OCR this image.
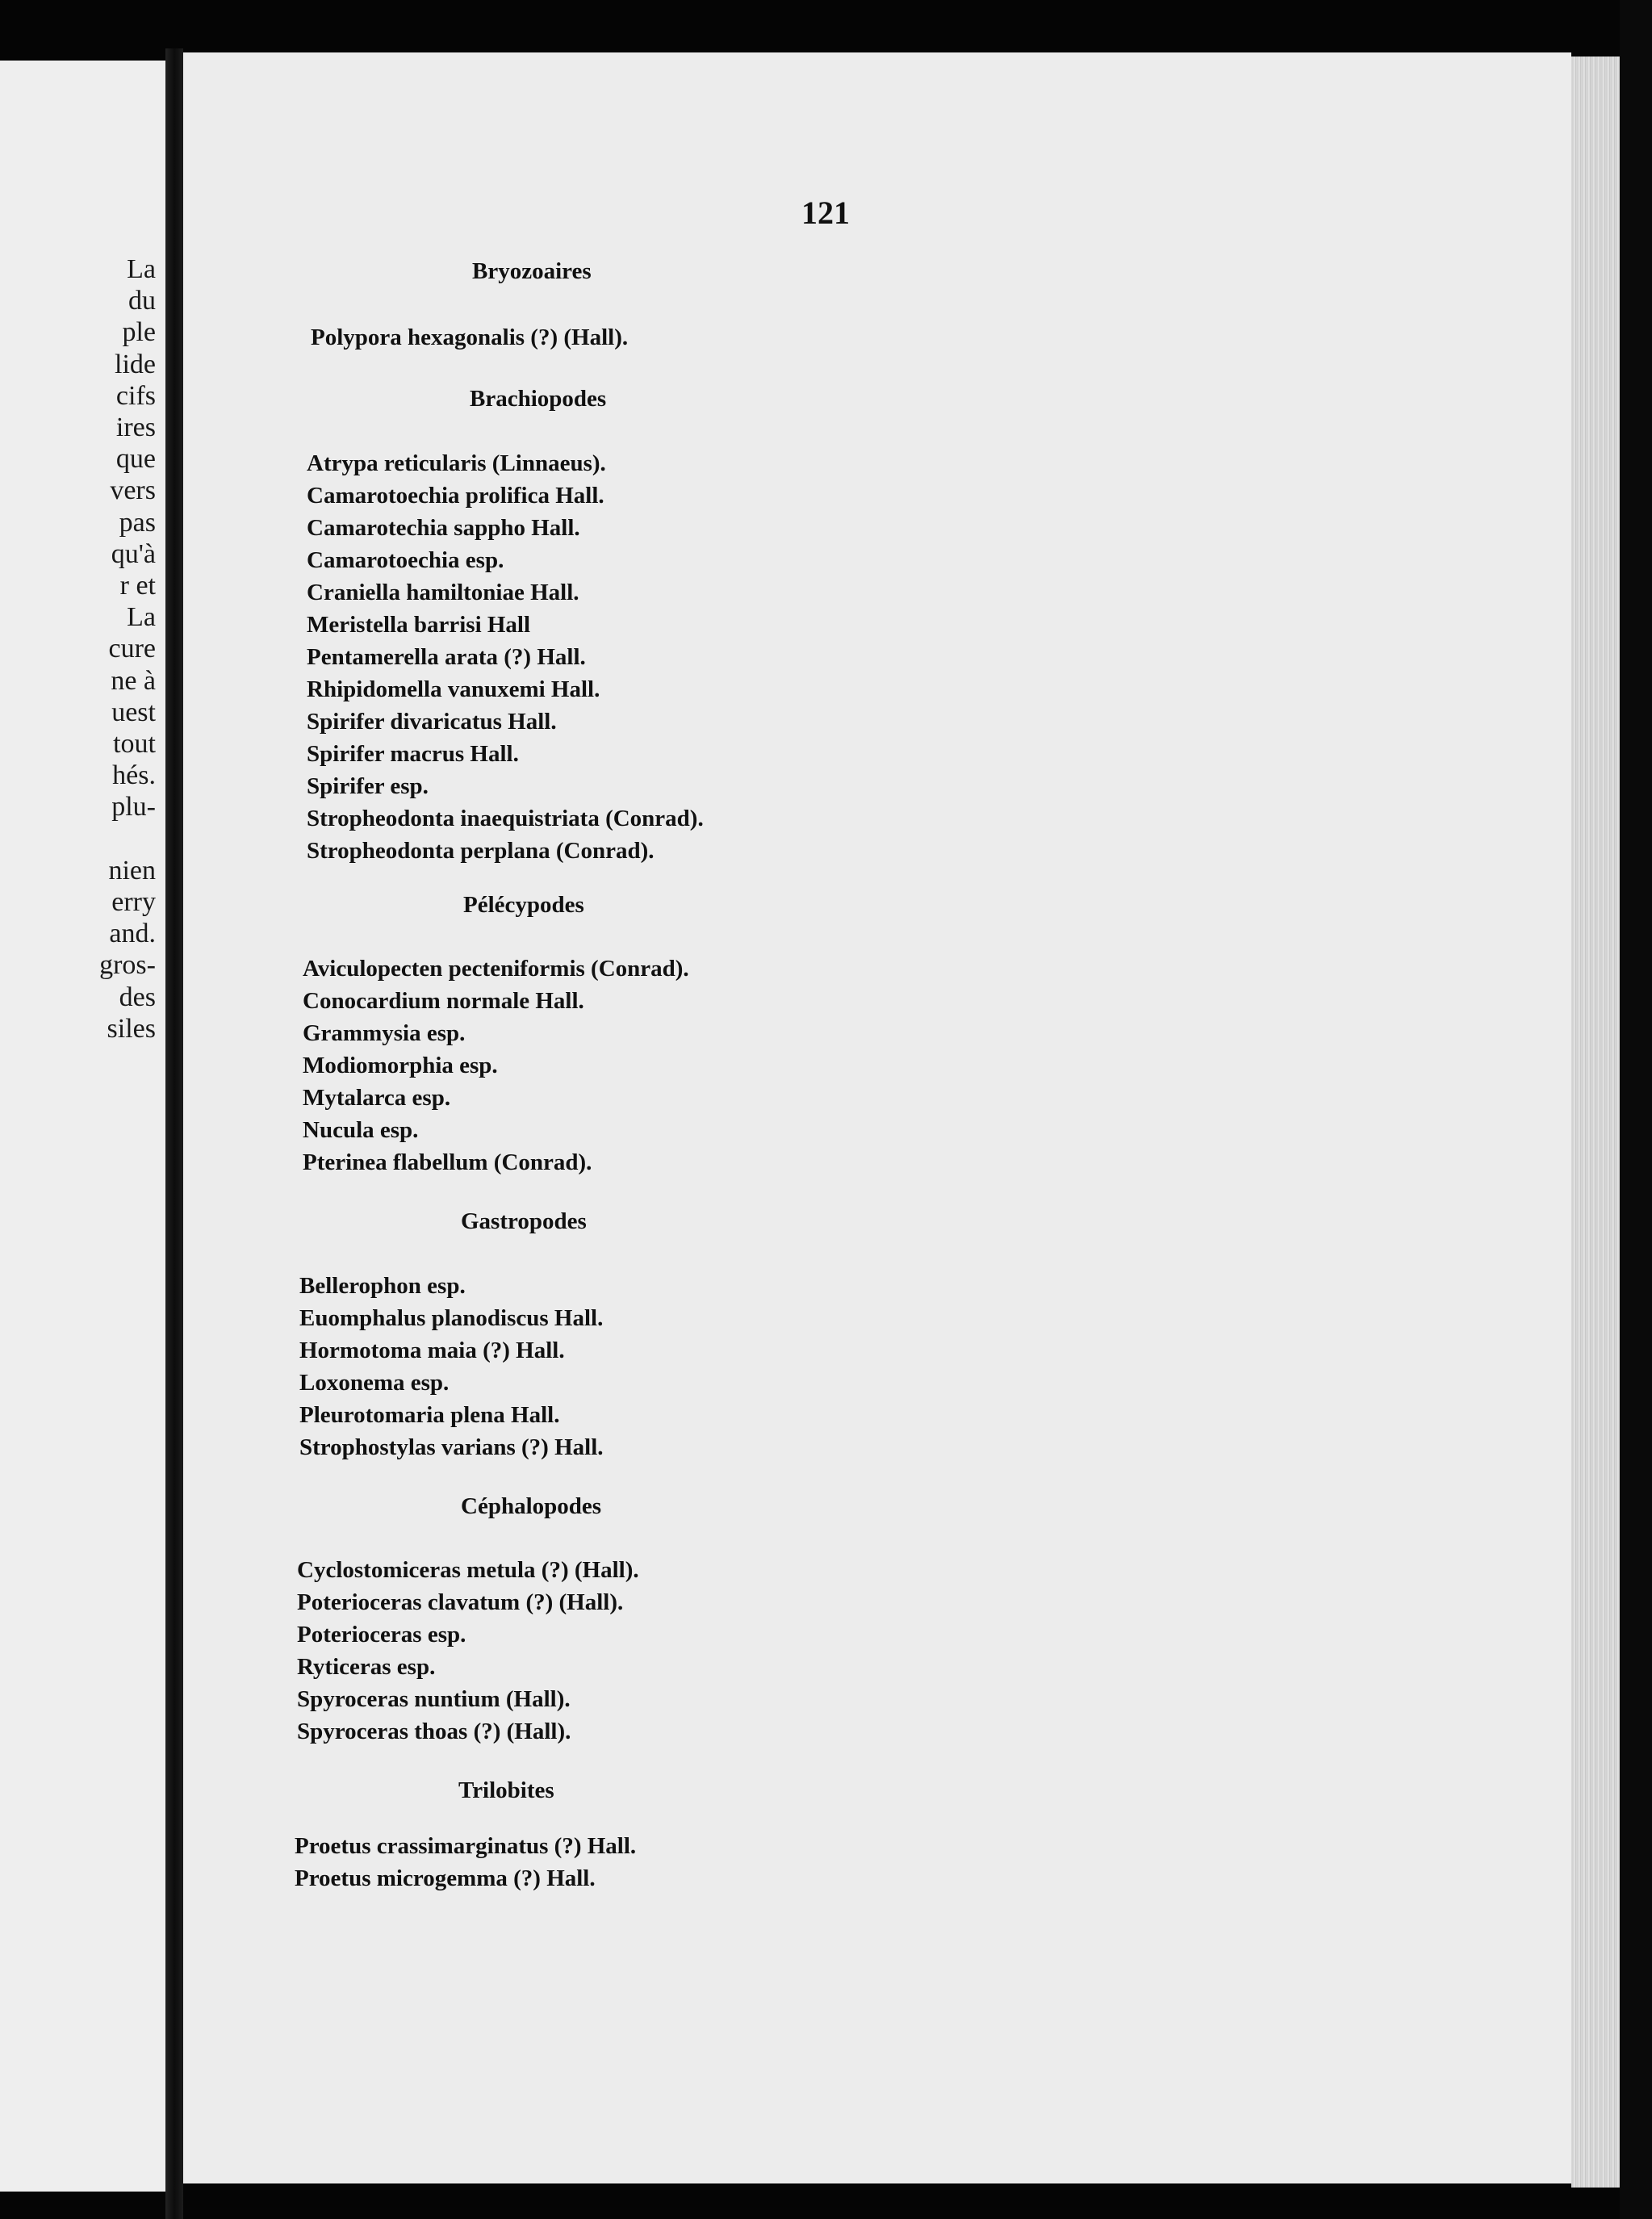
La
du
ple
lide
cifs
ires
que
vers
pas
qu'à
r et
La
cure
ne à
uest
tout
hés.
plu-
nien
erry
and.
gros-
des
siles
121
Bryozoaires
Polypora hexagonalis (?) (Hall).
Brachiopodes
Atrypa reticularis (Linnaeus).
Camarotoechia prolifica Hall.
Camarotechia sappho Hall.
Camarotoechia esp.
Craniella hamiltoniae Hall.
Meristella barrisi Hall
Pentamerella arata (?) Hall.
Rhipidomella vanuxemi Hall.
Spirifer divaricatus Hall.
Spirifer macrus Hall.
Spirifer esp.
Stropheodonta inaequistriata (Conrad).
Stropheodonta perplana (Conrad).
Pélécypodes
Aviculopecten pecteniformis (Conrad).
Conocardium normale Hall.
Grammysia esp.
Modiomorphia esp.
Mytalarca esp.
Nucula esp.
Pterinea flabellum (Conrad).
Gastropodes
Bellerophon esp.
Euomphalus planodiscus Hall.
Hormotoma maia (?) Hall.
Loxonema esp.
Pleurotomaria plena Hall.
Strophostylas varians (?) Hall.
Céphalopodes
Cyclostomiceras metula (?) (Hall).
Poterioceras clavatum (?) (Hall).
Poterioceras esp.
Ryticeras esp.
Spyroceras nuntium (Hall).
Spyroceras thoas (?) (Hall).
Trilobites
Proetus crassimarginatus (?) Hall.
Proetus microgemma (?) Hall.
